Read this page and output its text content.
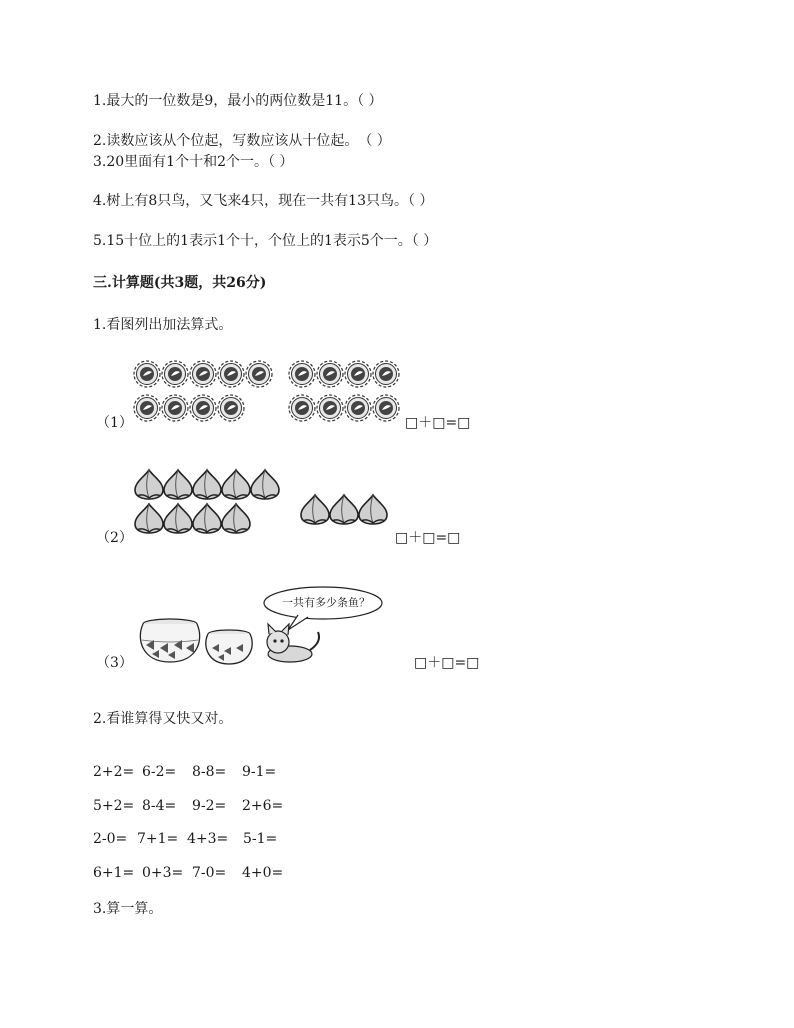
1.最大的一位数是9，最小的两位数是11。（ ）
2.读数应该从个位起，写数应该从十位起。　（ ）
3.20里面有1个十和2个一。（ ）
4.树上有8只鸟，又飞来4只，现在一共有13只鸟。（ ）
5.15十位上的1表示1个十，个位上的1表示5个一。（ ）
三.计算题(共3题，共26分)
1.看图列出加法算式。
（1）	□＋□=□
（2）	□＋□=□
（3）
一共有多少条鱼？
□＋□=□
2.看谁算得又快又对。
2+2= 6-2= 8-8= 9-1=
5+2= 8-4= 9-2= 2+6=
2-0= 7+1= 4+3= 5-1=
6+1= 0+3= 7-0= 4+0=
3.算一算。
